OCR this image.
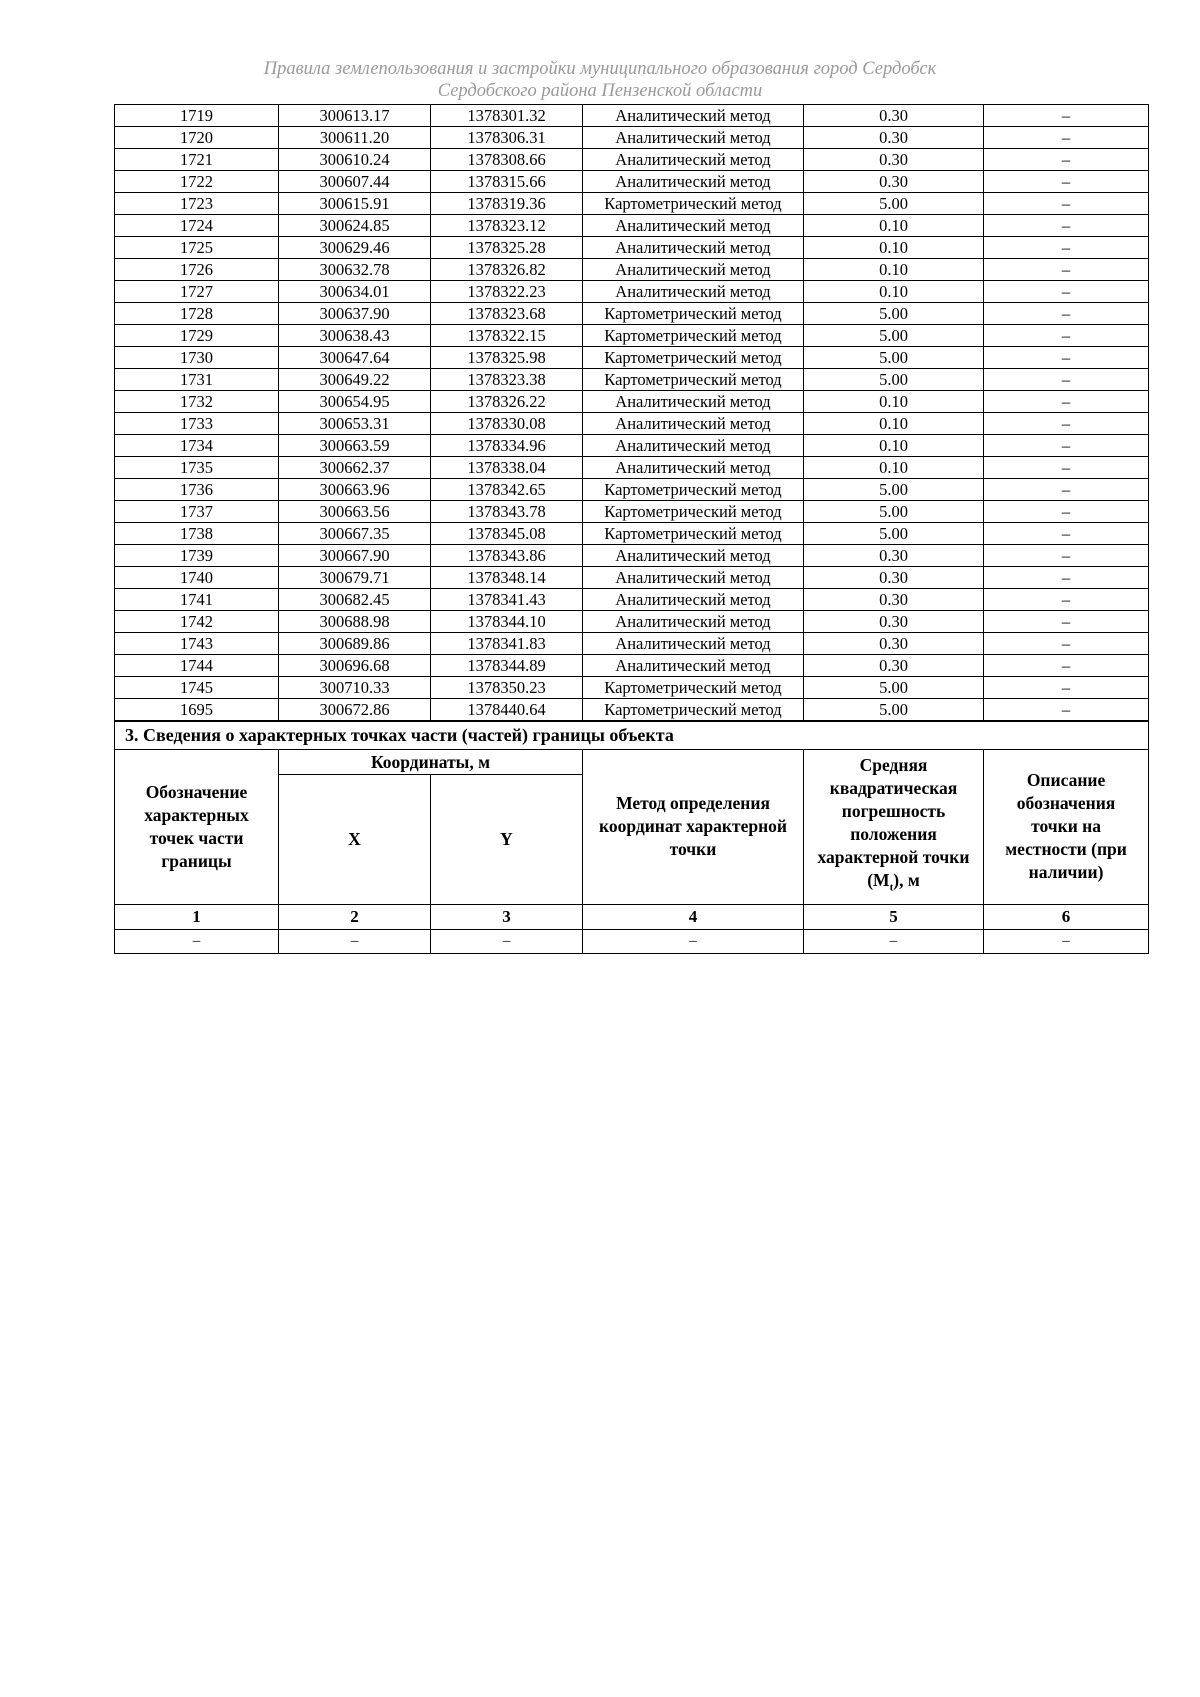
Правила землепользования и застройки муниципального образования город Сердобск
Сердобского района Пензенской области
1719	300613.17	1378301.32	Аналитический метод	0.30	–
1720	300611.20	1378306.31	Аналитический метод	0.30	–
1721	300610.24	1378308.66	Аналитический метод	0.30	–
1722	300607.44	1378315.66	Аналитический метод	0.30	–
1723	300615.91	1378319.36	Картометрический метод	5.00	–
1724	300624.85	1378323.12	Аналитический метод	0.10	–
1725	300629.46	1378325.28	Аналитический метод	0.10	–
1726	300632.78	1378326.82	Аналитический метод	0.10	–
1727	300634.01	1378322.23	Аналитический метод	0.10	–
1728	300637.90	1378323.68	Картометрический метод	5.00	–
1729	300638.43	1378322.15	Картометрический метод	5.00	–
1730	300647.64	1378325.98	Картометрический метод	5.00	–
1731	300649.22	1378323.38	Картометрический метод	5.00	–
1732	300654.95	1378326.22	Аналитический метод	0.10	–
1733	300653.31	1378330.08	Аналитический метод	0.10	–
1734	300663.59	1378334.96	Аналитический метод	0.10	–
1735	300662.37	1378338.04	Аналитический метод	0.10	–
1736	300663.96	1378342.65	Картометрический метод	5.00	–
1737	300663.56	1378343.78	Картометрический метод	5.00	–
1738	300667.35	1378345.08	Картометрический метод	5.00	–
1739	300667.90	1378343.86	Аналитический метод	0.30	–
1740	300679.71	1378348.14	Аналитический метод	0.30	–
1741	300682.45	1378341.43	Аналитический метод	0.30	–
1742	300688.98	1378344.10	Аналитический метод	0.30	–
1743	300689.86	1378341.83	Аналитический метод	0.30	–
1744	300696.68	1378344.89	Аналитический метод	0.30	–
1745	300710.33	1378350.23	Картометрический метод	5.00	–
1695	300672.86	1378440.64	Картометрический метод	5.00	–
3. Сведения о характерных точках части (частей) границы объекта					
Обозначение характерных точек части границы	Координаты, м		Метод определения координат характерной точки	Средняя квадратическая погрешность положения характерной точки $(М_t)$, м	Описание обозначения точки на местности (при наличии)
	X	Y			
1	2	3	4	5	6
–	–	–	–	–	–
